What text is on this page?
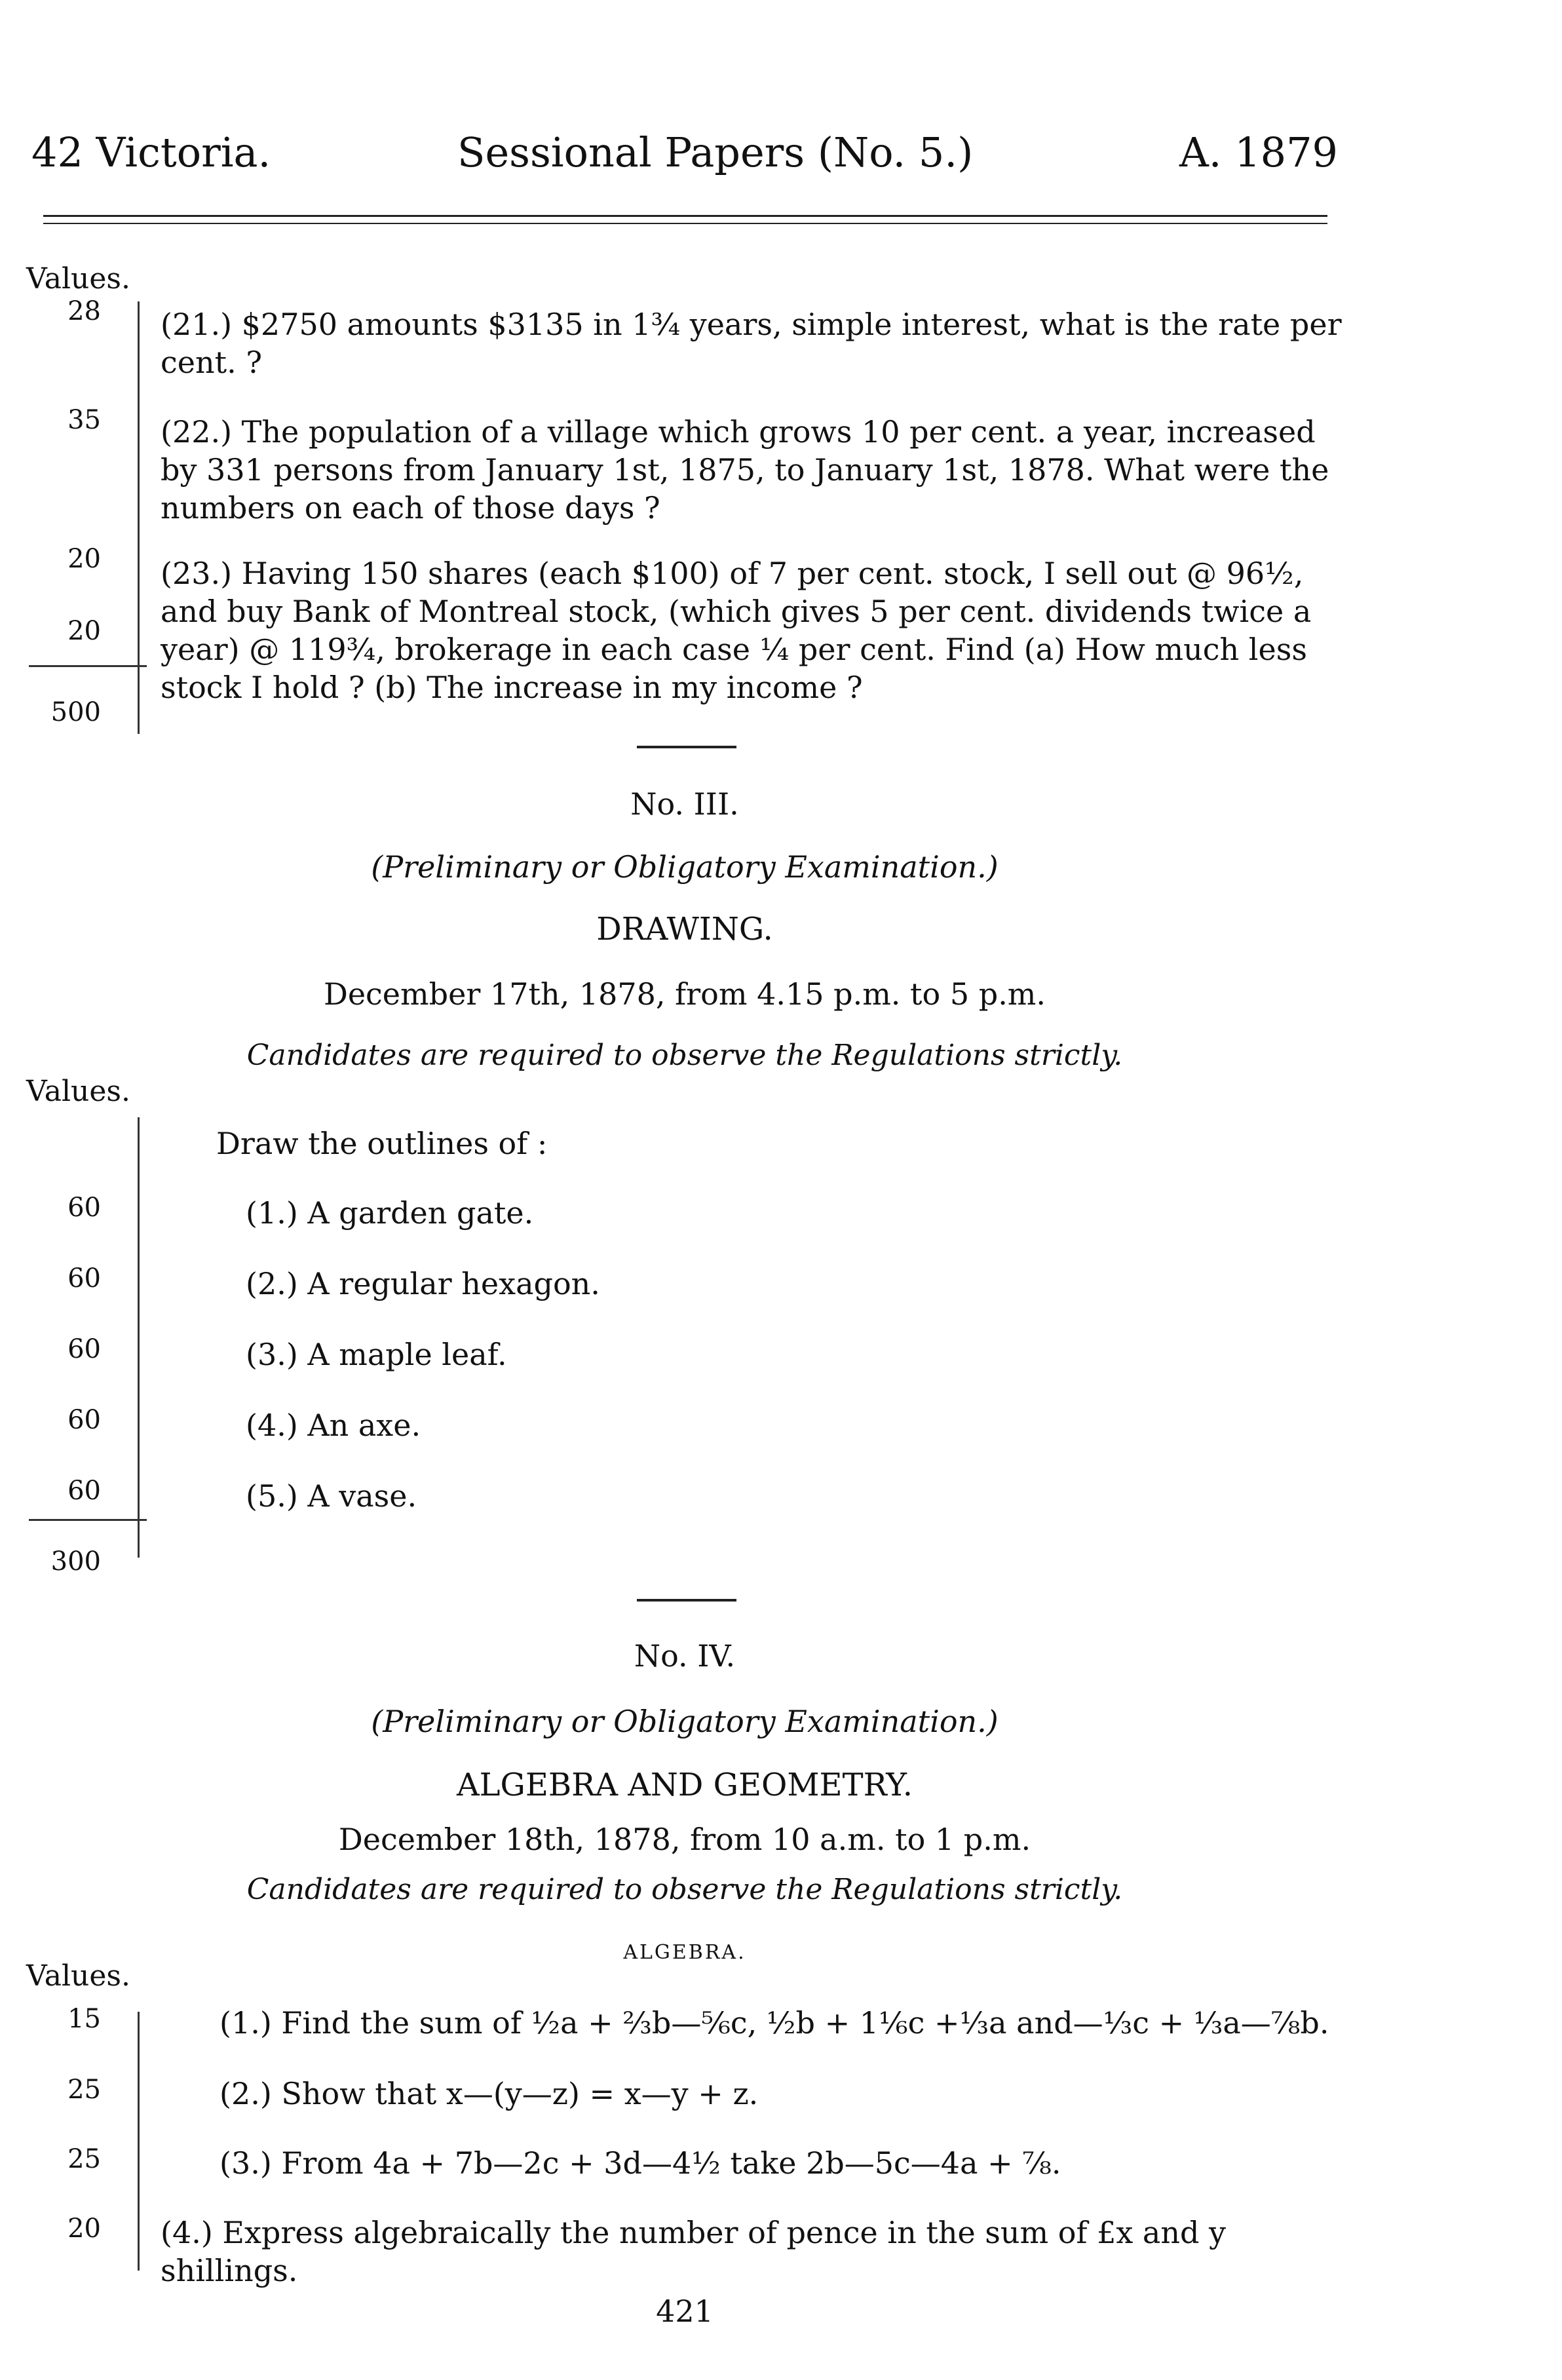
42 Victoria.	Sessional Papers (No. 5.)	A. 1879
Values.
28
35
20
20
500
(21.) $2750 amounts $3135 in 1¾ years, simple interest, what is the rate per cent. ?
(22.) The population of a village which grows 10 per cent. a year, increased by 331 persons from January 1st, 1875, to January 1st, 1878. What were the numbers on each of those days ?
(23.) Having 150 shares (each $100) of 7 per cent. stock, I sell out @ 96½, and buy Bank of Montreal stock, (which gives 5 per cent. dividends twice a year) @ 119¾, brokerage in each case ¼ per cent. Find (a) How much less stock I hold ? (b) The increase in my income ?
No. III.
(Preliminary or Obligatory Examination.)
DRAWING.
December 17th, 1878, from 4.15 p.m. to 5 p.m.
Candidates are required to observe the Regulations strictly.
Values.
Draw the outlines of :
60
60
60
60
60
300
(1.) A garden gate.
(2.) A regular hexagon.
(3.) A maple leaf.
(4.) An axe.
(5.) A vase.
No. IV.
(Preliminary or Obligatory Examination.)
ALGEBRA AND GEOMETRY.
December 18th, 1878, from 10 a.m. to 1 p.m.
Candidates are required to observe the Regulations strictly.
ALGEBRA.
Values.
15
25
25
20
(1.) Find the sum of ½a + ⅔b—⅚c, ½b + 1⅙c +⅓a and—⅓c + ⅓a—⅞b.
(2.) Show that x—(y—z) = x—y + z.
(3.) From 4a + 7b—2c + 3d—4½ take 2b—5c—4a + ⅞.
(4.) Express algebraically the number of pence in the sum of £x and y shillings.
421
